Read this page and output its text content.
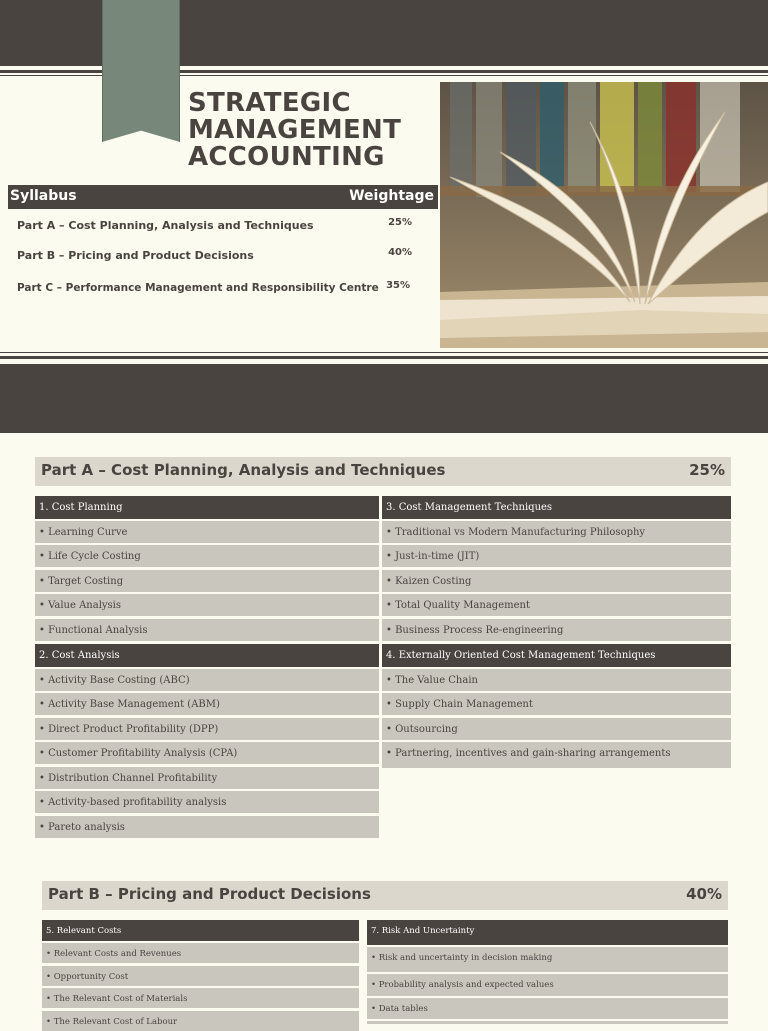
STRATEGIC
MANAGEMENT
ACCOUNTING
Syllabus	Weightage
Part A – Cost Planning, Analysis and Techniques	25%
Part B – Pricing and Product Decisions	40%
Part C – Performance Management and Responsibility Centre 35%
Part A – Cost Planning, Analysis and Techniques	25%
1. Cost Planning
• Learning Curve
• Life Cycle Costing
• Target Costing
• Value Analysis
• Functional Analysis
2. Cost Analysis
• Activity Base Costing (ABC)
• Activity Base Management (ABM)
• Direct Product Profitability (DPP)
• Customer Profitability Analysis (CPA)
• Distribution Channel Profitability
• Activity-based profitability analysis
• Pareto analysis
3. Cost Management Techniques
• Traditional vs Modern Manufacturing Philosophy
• Just-in-time (JIT)
• Kaizen Costing
• Total Quality Management
• Business Process Re-engineering
4. Externally Oriented Cost Management Techniques
• The Value Chain
• Supply Chain Management
• Outsourcing
• Partnering, incentives and gain-sharing arrangements
Part B – Pricing and Product Decisions	40%
5. Relevant Costs
• Relevant Costs and Revenues
• Opportunity Cost
• The Relevant Cost of Materials
• The Relevant Cost of Labour
7. Risk And Uncertainty
• Risk and uncertainty in decision making
• Probability analysis and expected values
• Data tables
